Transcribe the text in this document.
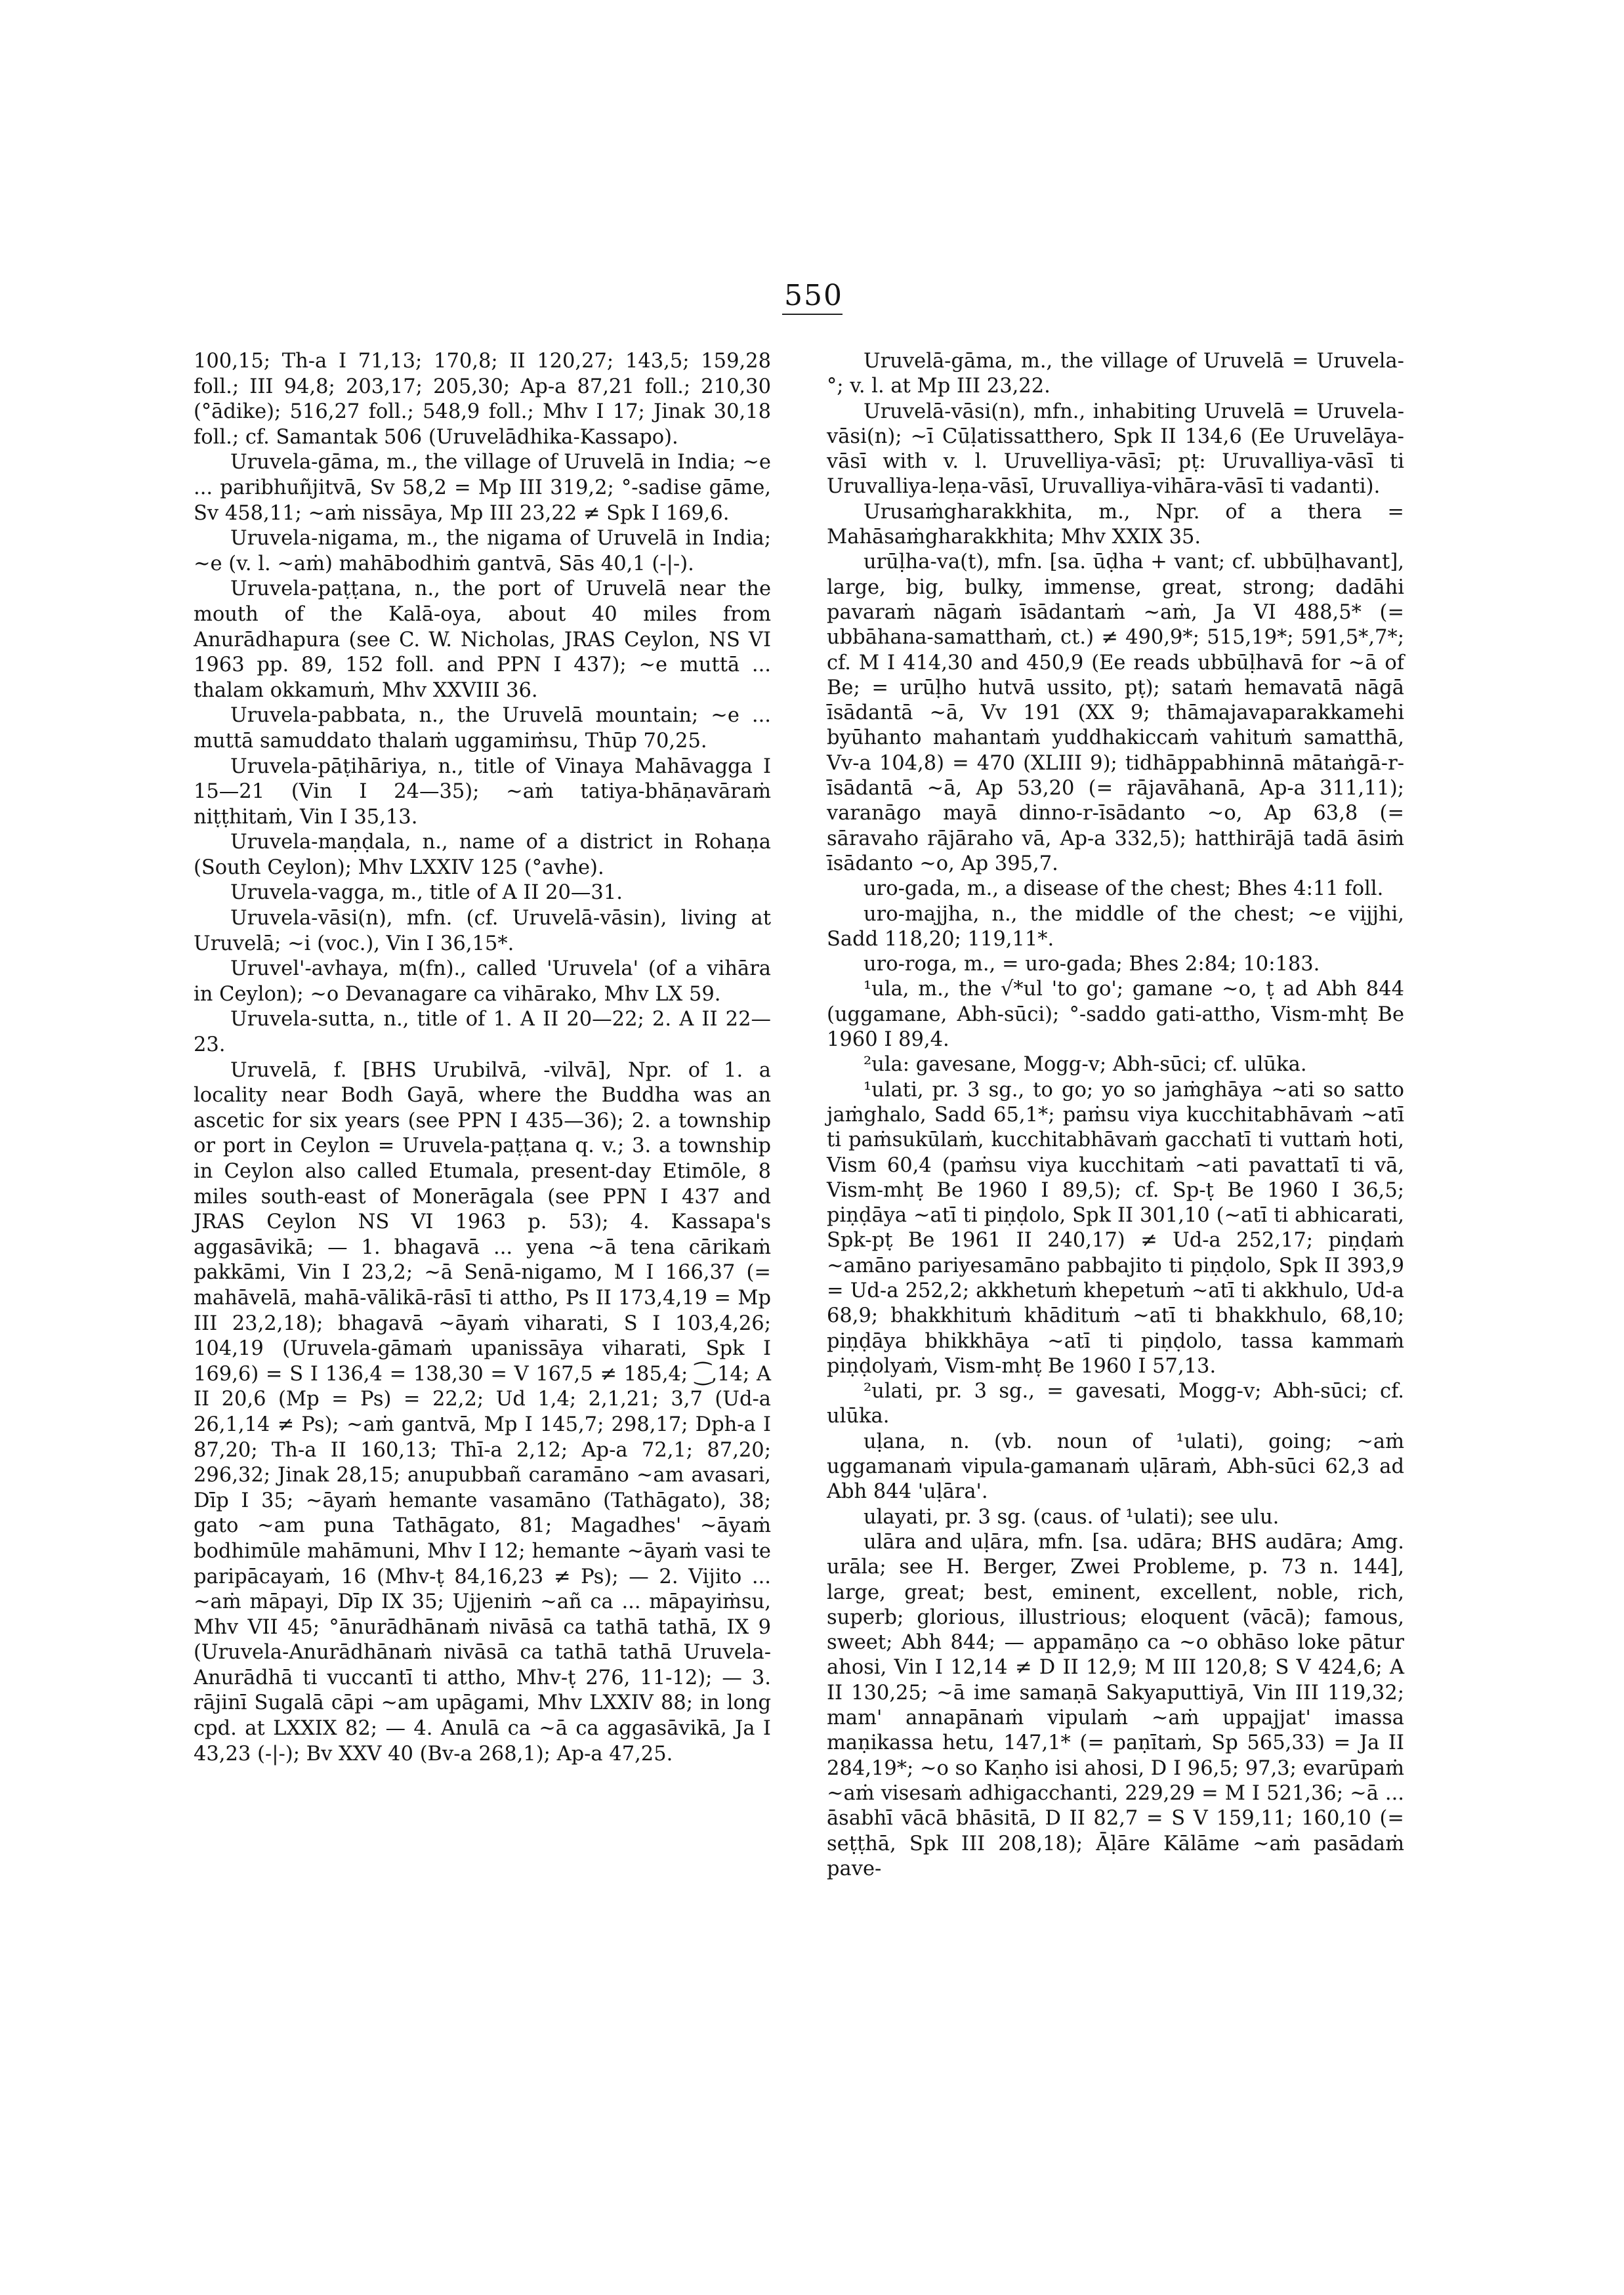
550

100,15; Th-a I 71,13; 170,8; II 120,27; 143,5; 159,28 foll.; III 94,8; 203,17; 205,30; Ap-a 87,21 foll.; 210,30 (°ādike); 516,27 foll.; 548,9 foll.; Mhv I 17; Jinak 30,18 foll.; cf. Samantak 506 (Uruvelādhika-Kassapo).

Uruvela-gāma, m., the village of Uruvelā in India; ~e ... paribhuñjitvā, Sv 58,2 = Mp III 319,2; °-sadise gāme, Sv 458,11; ~aṁ nissāya, Mp III 23,22 ≠ Spk I 169,6.

Uruvela-nigama, m., the nigama of Uruvelā in India; ~e (v. l. ~aṁ) mahābodhiṁ gantvā, Sās 40,1 (-|-).

Uruvela-paṭṭana, n., the port of Uruvelā near the mouth of the Kalā-oya, about 40 miles from Anurādhapura (see C. W. Nicholas, JRAS Ceylon, NS VI 1963 pp. 89, 152 foll. and PPN I 437); ~e muttā ... thalam okkamuṁ, Mhv XXVIII 36.

Uruvela-pabbata, n., the Uruvelā mountain; ~e ... muttā samuddato thalaṁ uggamiṁsu, Thūp 70,25.

Uruvela-pāṭihāriya, n., title of Vinaya Mahāvagga I 15—21 (Vin I 24—35); ~aṁ tatiya-bhāṇavāraṁ niṭṭhitaṁ, Vin I 35,13.

Uruvela-maṇḍala, n., name of a district in Rohaṇa (South Ceylon); Mhv LXXIV 125 (°avhe).

Uruvela-vagga, m., title of A II 20—31.

Uruvela-vāsi(n), mfn. (cf. Uruvelā-vāsin), living at Uruvelā; ~i (voc.), Vin I 36,15*.

Uruvel'-avhaya, m(fn)., called 'Uruvela' (of a vihāra in Ceylon); ~o Devanagare ca vihārako, Mhv LX 59.

Uruvela-sutta, n., title of 1. A II 20—22; 2. A II 22—23.

Uruvelā, f. [BHS Urubilvā, -vilvā], Npr. of 1. a locality near Bodh Gayā, where the Buddha was an ascetic for six years (see PPN I 435—36); 2. a township or port in Ceylon = Uruvela-paṭṭana q. v.; 3. a township in Ceylon also called Etumala, present-day Etimōle, 8 miles south-east of Monerāgala (see PPN I 437 and JRAS Ceylon NS VI 1963 p. 53); 4. Kassapa's aggasāvikā; — 1. bhagavā ... yena ~ā tena cārikaṁ pakkāmi, Vin I 23,2; ~ā Senā-nigamo, M I 166,37 (= mahāvelā, mahā-vālikā-rāsī ti attho, Ps II 173,4,19 = Mp III 23,2,18); bhagavā ~āyaṁ viharati, S I 103,4,26; 104,19 (Uruvela-gāmaṁ upanissāya viharati, Spk I 169,6) = S I 136,4 = 138,30 = V 167,5 ≠ 185,4; ⁐,14; A II 20,6 (Mp = Ps) = 22,2; Ud 1,4; 2,1,21; 3,7 (Ud-a 26,1,14 ≠ Ps); ~aṁ gantvā, Mp I 145,7; 298,17; Dph-a I 87,20; Th-a II 160,13; Thī-a 2,12; Ap-a 72,1; 87,20; 296,32; Jinak 28,15; anupubbañ caramāno ~am avasari, Dīp I 35; ~āyaṁ hemante vasamāno (Tathāgato), 38; gato ~am puna Tathāgato, 81; Magadhes' ~āyaṁ bodhimūle mahāmuni, Mhv I 12; hemante ~āyaṁ vasi te paripācayaṁ, 16 (Mhv-ṭ 84,16,23 ≠ Ps); — 2. Vijito ... ~aṁ māpayi, Dīp IX 35; Ujjeniṁ ~añ ca ... māpayiṁsu, Mhv VII 45; °ānurādhānaṁ nivāsā ca tathā tathā, IX 9 (Uruvela-Anurādhānaṁ nivāsā ca tathā tathā Uruvela-Anurādhā ti vuccantī ti attho, Mhv-ṭ 276, 11-12); — 3. rājinī Sugalā cāpi ~am upāgami, Mhv LXXIV 88; in long cpd. at LXXIX 82; — 4. Anulā ca ~ā ca aggasāvikā, Ja I 43,23 (-|-); Bv XXV 40 (Bv-a 268,1); Ap-a 47,25.

Uruvelā-gāma, m., the village of Uruvelā = Uruvela-°; v. l. at Mp III 23,22.

Uruvelā-vāsi(n), mfn., inhabiting Uruvelā = Uruvela-vāsi(n); ~ī Cūḷatissatthero, Spk II 134,6 (Ee Uruvelāya-vāsī with v. l. Uruvelliya-vāsī; pṭ: Uruvalliya-vāsī ti Uruvalliya-leṇa-vāsī, Uruvalliya-vihāra-vāsī ti vadanti).

Urusaṁgharakkhita, m., Npr. of a thera = Mahāsaṁgharakkhita; Mhv XXIX 35.

urūḷha-va(t), mfn. [sa. ūḍha + vant; cf. ubbūḷhavant], large, big, bulky, immense, great, strong; dadāhi pavaraṁ nāgaṁ īsādantaṁ ~aṁ, Ja VI 488,5* (= ubbāhana-samatthaṁ, ct.) ≠ 490,9*; 515,19*; 591,5*,7*; cf. M I 414,30 and 450,9 (Ee reads ubbūḷhavā for ~ā of Be; = urūḷho hutvā ussito, pṭ); sataṁ hemavatā nāgā īsādantā ~ā, Vv 191 (XX 9; thāmajavaparakkamehi byūhanto mahantaṁ yuddhakiccaṁ vahituṁ samatthā, Vv-a 104,8) = 470 (XLIII 9); tidhāppabhinnā mātaṅgā-r-īsādantā ~ā, Ap 53,20 (= rājavāhanā, Ap-a 311,11); varanāgo mayā dinno-r-īsādanto ~o, Ap 63,8 (= sāravaho rājāraho vā, Ap-a 332,5); hatthirājā tadā āsiṁ īsādanto ~o, Ap 395,7.

uro-gada, m., a disease of the chest; Bhes 4:11 foll.

uro-majjha, n., the middle of the chest; ~e vijjhi, Sadd 118,20; 119,11*.

uro-roga, m., = uro-gada; Bhes 2:84; 10:183.

¹ula, m., the √*ul 'to go'; gamane ~o, ṭ ad Abh 844 (uggamane, Abh-sūci); °-saddo gati-attho, Vism-mhṭ Be 1960 I 89,4.

²ula: gavesane, Mogg-v; Abh-sūci; cf. ulūka.

¹ulati, pr. 3 sg., to go; yo so jaṁghāya ~ati so satto jaṁghalo, Sadd 65,1*; paṁsu viya kucchitabhāvaṁ ~atī ti paṁsukūlaṁ, kucchitabhāvaṁ gacchatī ti vuttaṁ hoti, Vism 60,4 (paṁsu viya kucchitaṁ ~ati pavattatī ti vā, Vism-mhṭ Be 1960 I 89,5); cf. Sp-ṭ Be 1960 I 36,5; piṇḍāya ~atī ti piṇḍolo, Spk II 301,10 (~atī ti abhicarati, Spk-pṭ Be 1961 II 240,17) ≠ Ud-a 252,17; piṇḍaṁ ~amāno pariyesamāno pabbajito ti piṇḍolo, Spk II 393,9 = Ud-a 252,2; akkhetuṁ khepetuṁ ~atī ti akkhulo, Ud-a 68,9; bhakkhituṁ khādituṁ ~atī ti bhakkhulo, 68,10; piṇḍāya bhikkhāya ~atī ti piṇḍolo, tassa kammaṁ piṇḍolyaṁ, Vism-mhṭ Be 1960 I 57,13.

²ulati, pr. 3 sg., = gavesati, Mogg-v; Abh-sūci; cf. ulūka.

uḷana, n. (vb. noun of ¹ulati), going; ~aṁ uggamanaṁ vipula-gamanaṁ uḷāraṁ, Abh-sūci 62,3 ad Abh 844 'uḷāra'.

ulayati, pr. 3 sg. (caus. of ¹ulati); see ulu.

ulāra and uḷāra, mfn. [sa. udāra; BHS audāra; Amg. urāla; see H. Berger, Zwei Probleme, p. 73 n. 144], large, great; best, eminent, excellent, noble, rich, superb; glorious, illustrious; eloquent (vācā); famous, sweet; Abh 844; — appamāṇo ca ~o obhāso loke pātur ahosi, Vin I 12,14 ≠ D II 12,9; M III 120,8; S V 424,6; A II 130,25; ~ā ime samaṇā Sakyaputtiyā, Vin III 119,32; mam' annapānaṁ vipulaṁ ~aṁ uppajjat' imassa maṇikassa hetu, 147,1* (= paṇītaṁ, Sp 565,33) = Ja II 284,19*; ~o so Kaṇho isi ahosi, D I 96,5; 97,3; evarūpaṁ ~aṁ visesaṁ adhigacchanti, 229,29 = M I 521,36; ~ā ... āsabhī vācā bhāsitā, D II 82,7 = S V 159,11; 160,10 (= seṭṭhā, Spk III 208,18); Āḷāre Kālāme ~aṁ pasādaṁ pave-
